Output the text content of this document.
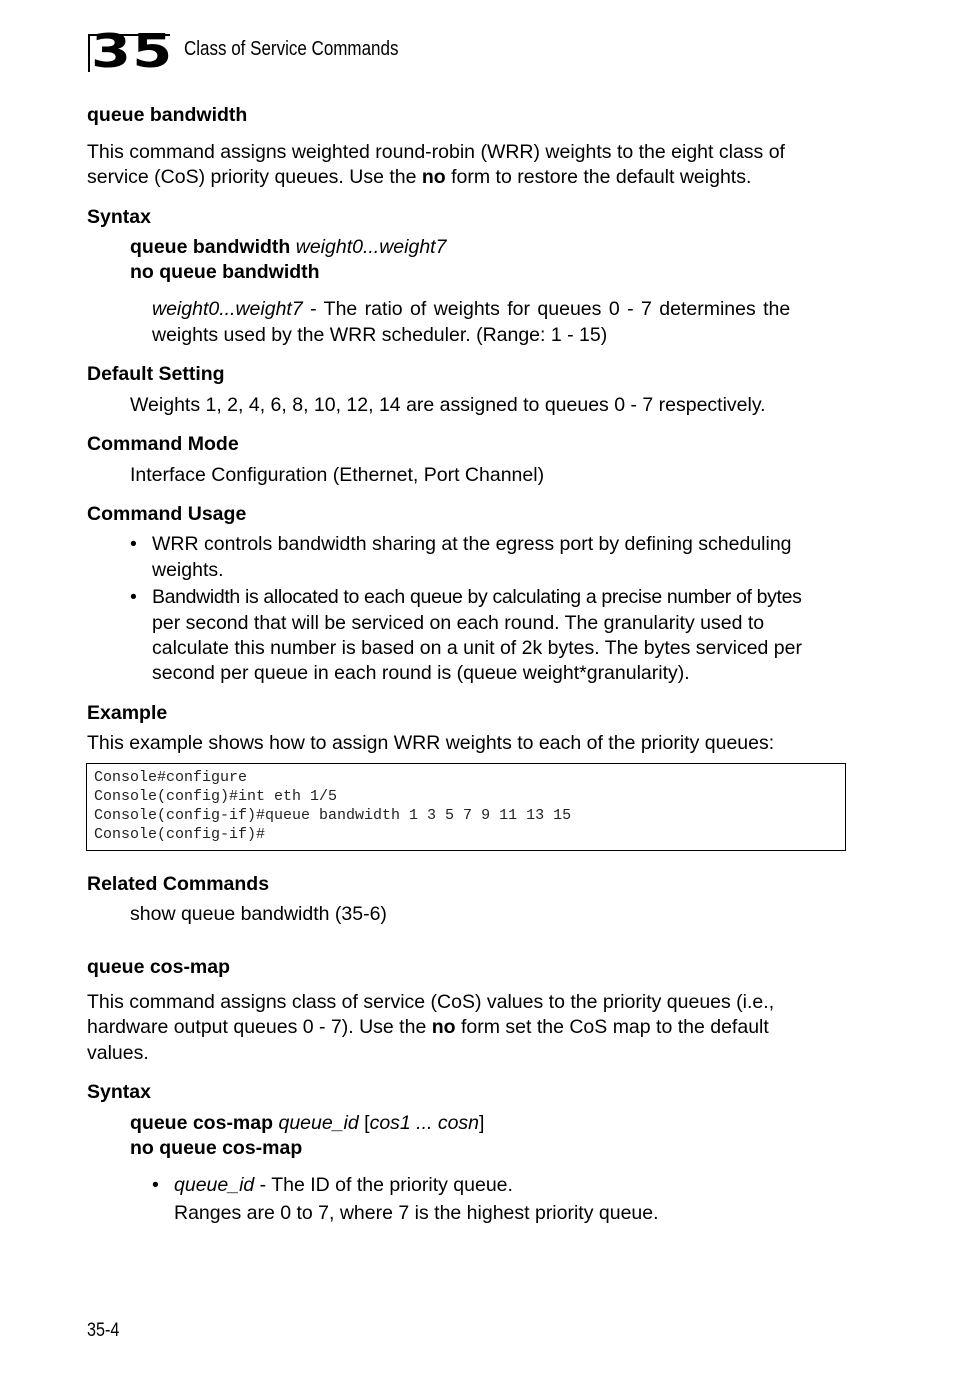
35 Class of Service Commands
queue bandwidth
This command assigns weighted round-robin (WRR) weights to the eight class of
service (CoS) priority queues. Use the no form to restore the default weights.
Syntax
queue bandwidth weight0...weight7
no queue bandwidth
weight0...weight7 - The ratio of weights for queues 0 - 7 determines the
weights used by the WRR scheduler. (Range: 1 - 15)
Default Setting
Weights 1, 2, 4, 6, 8, 10, 12, 14 are assigned to queues 0 - 7 respectively.
Command Mode
Interface Configuration (Ethernet, Port Channel)
Command Usage
• WRR controls bandwidth sharing at the egress port by defining scheduling
weights.
• Bandwidth is allocated to each queue by calculating a precise number of bytes
per second that will be serviced on each round. The granularity used to
calculate this number is based on a unit of 2k bytes. The bytes serviced per
second per queue in each round is (queue weight*granularity).
Example
This example shows how to assign WRR weights to each of the priority queues:
Console#configure
Console(config)#int eth 1/5
Console(config-if)#queue bandwidth 1 3 5 7 9 11 13 15
Console(config-if)#
Related Commands
show queue bandwidth (35-6)
queue cos-map
This command assigns class of service (CoS) values to the priority queues (i.e.,
hardware output queues 0 - 7). Use the no form set the CoS map to the default
values.
Syntax
queue cos-map queue_id [cos1 ... cosn]
no queue cos-map
• queue_id - The ID of the priority queue.
Ranges are 0 to 7, where 7 is the highest priority queue.
35-4
